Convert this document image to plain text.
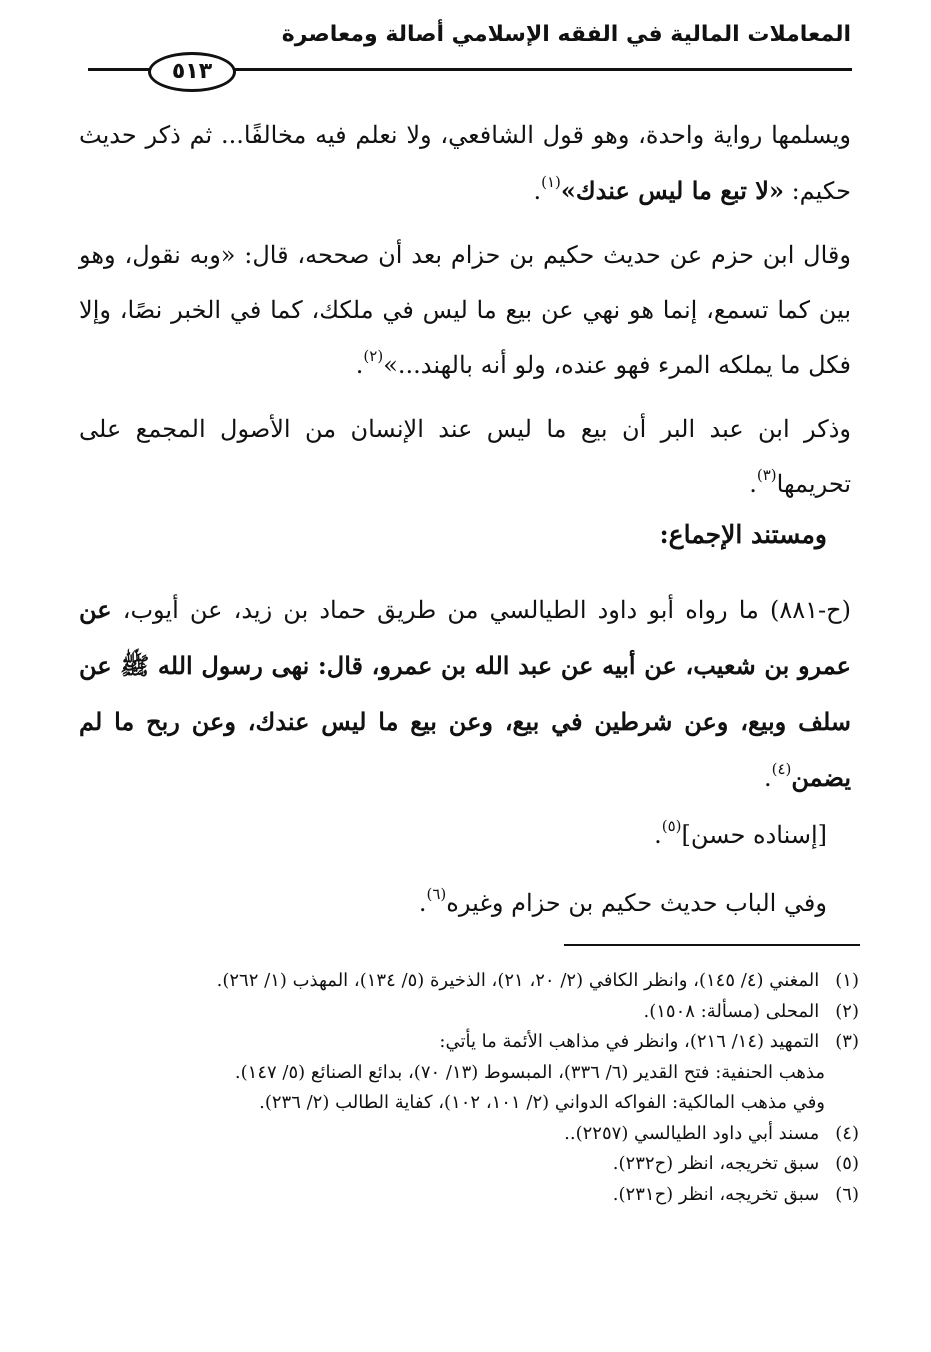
المعاملات المالية في الفقه الإسلامي أصالة ومعاصرة
٥١٣
ويسلمها رواية واحدة، وهو قول الشافعي، ولا نعلم فيه مخالفًا... ثم ذكر حديث حكيم: «لا تبع ما ليس عندك»$^{(١)}$.
وقال ابن حزم عن حديث حكيم بن حزام بعد أن صححه، قال: «وبه نقول، وهو بين كما تسمع، إنما هو نهي عن بيع ما ليس في ملكك، كما في الخبر نصًا، وإلا فكل ما يملكه المرء فهو عنده، ولو أنه بالهند...»$^{(٢)}$.
وذكر ابن عبد البر أن بيع ما ليس عند الإنسان من الأصول المجمع على تحريمها$^{(٣)}$.
ومستند الإجماع:
(ح-٨٨١) ما رواه أبو داود الطيالسي من طريق حماد بن زيد، عن أيوب، عن عمرو بن شعيب، عن أبيه عن عبد الله بن عمرو، قال: نهى رسول الله ﷺ عن سلف وبيع، وعن شرطين في بيع، وعن بيع ما ليس عندك، وعن ربح ما لم يضمن$^{(٤)}$.
[إسناده حسن]$^{(٥)}$.
وفي الباب حديث حكيم بن حزام وغيره$^{(٦)}$.
(١) المغني (٤/ ١٤٥)، وانظر الكافي (٢/ ٢٠، ٢١)، الذخيرة (٥/ ١٣٤)، المهذب (١/ ٢٦٢).
(٢) المحلى (مسألة: ١٥٠٨).
(٣) التمهيد (١٤/ ٢١٦)، وانظر في مذاهب الأئمة ما يأتي:
مذهب الحنفية: فتح القدير (٦/ ٣٣٦)، المبسوط (١٣/ ٧٠)، بدائع الصنائع (٥/ ١٤٧).
وفي مذهب المالكية: الفواكه الدواني (٢/ ١٠١، ١٠٢)، كفاية الطالب (٢/ ٢٣٦).
(٤) مسند أبي داود الطيالسي (٢٢٥٧)..
(٥) سبق تخريجه، انظر (ح٢٣٢).
(٦) سبق تخريجه، انظر (ح٢٣١).
